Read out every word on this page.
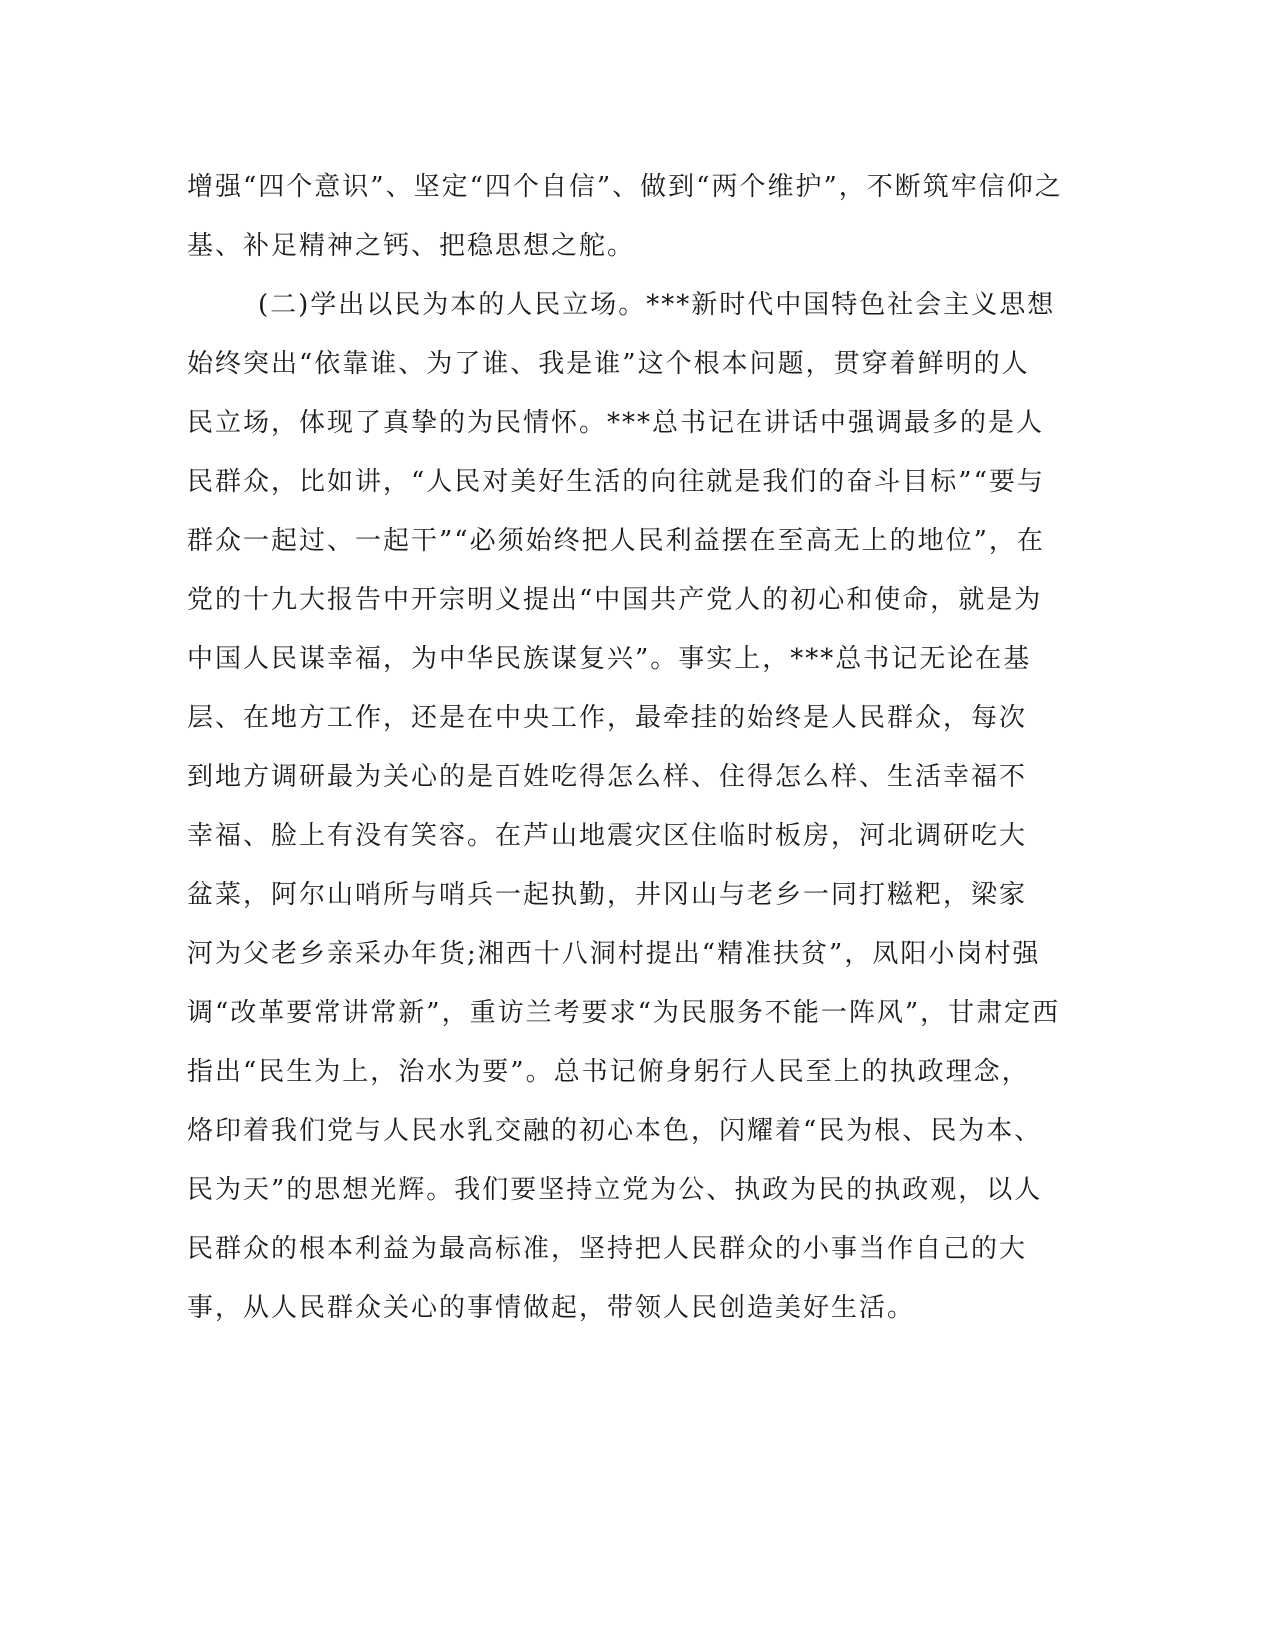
增强“四个意识”、坚定“四个自信”、做到“两个维护”，不断筑牢信仰之
基、补足精神之钙、把稳思想之舵。
(二)学出以民为本的人民立场。***新时代中国特色社会主义思想
始终突出“依靠谁、为了谁、我是谁”这个根本问题，贯穿着鲜明的人
民立场，体现了真挚的为民情怀。***总书记在讲话中强调最多的是人
民群众，比如讲，“人民对美好生活的向往就是我们的奋斗目标”“要与
群众一起过、一起干”“必须始终把人民利益摆在至高无上的地位”，在
党的十九大报告中开宗明义提出“中国共产党人的初心和使命，就是为
中国人民谋幸福，为中华民族谋复兴”。事实上，***总书记无论在基
层、在地方工作，还是在中央工作，最牵挂的始终是人民群众，每次
到地方调研最为关心的是百姓吃得怎么样、住得怎么样、生活幸福不
幸福、脸上有没有笑容。在芦山地震灾区住临时板房，河北调研吃大
盆菜，阿尔山哨所与哨兵一起执勤，井冈山与老乡一同打糍粑，梁家
河为父老乡亲采办年货;湘西十八洞村提出“精准扶贫”，凤阳小岗村强
调“改革要常讲常新”，重访兰考要求“为民服务不能一阵风”，甘肃定西
指出“民生为上，治水为要”。总书记俯身躬行人民至上的执政理念，
烙印着我们党与人民水乳交融的初心本色，闪耀着“民为根、民为本、
民为天”的思想光辉。我们要坚持立党为公、执政为民的执政观，以人
民群众的根本利益为最高标准，坚持把人民群众的小事当作自己的大
事，从人民群众关心的事情做起，带领人民创造美好生活。
